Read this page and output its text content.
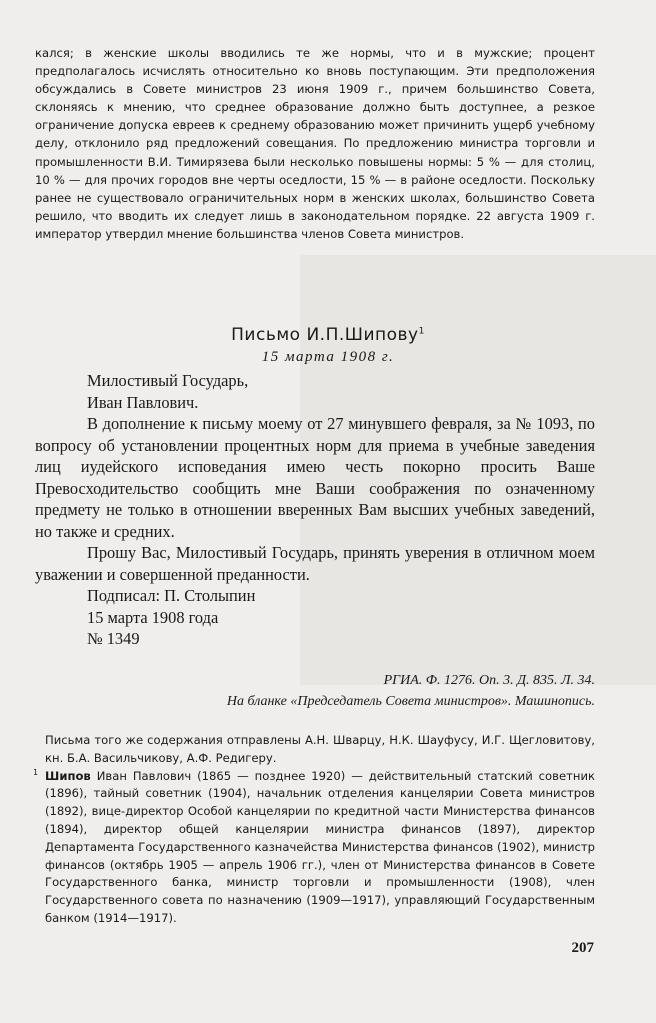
кался; в женские школы вводились те же нормы, что и в мужские; процент предполагалось исчислять относительно ко вновь поступающим. Эти предположения обсуждались в Совете министров 23 июня 1909 г., причем большинство Совета, склоняясь к мнению, что среднее образование должно быть доступнее, а резкое ограничение допуска евреев к среднему образованию может причинить ущерб учебному делу, отклонило ряд предложений совещания. По предложению министра торговли и промышленности В.И. Тимирязева были несколько повышены нормы: 5 % — для столиц, 10 % — для прочих городов вне черты оседлости, 15 % — в районе оседлости. Поскольку ранее не существовало ограничительных норм в женских школах, большинство Совета решило, что вводить их следует лишь в законодательном порядке. 22 августа 1909 г. император утвердил мнение большинства членов Совета министров.

Письмо И.П.Шипову$^1$
15 марта 1908 г.

Милостивый Государь,

Иван Павлович.

В дополнение к письму моему от 27 минувшего февраля, за № 1093, по вопросу об установлении процентных норм для приема в учебные заведения лиц иудейского исповедания имею честь покорно просить Ваше Превосходительство сообщить мне Ваши соображения по означенному предмету не только в отношении вверенных Вам высших учебных заведений, но также и средних.

Прошу Вас, Милостивый Государь, принять уверения в отличном моем уважении и совершенной преданности.

Подписал: П. Столыпин

15 марта 1908 года

№ 1349

РГИА. Ф. 1276. Оп. 3. Д. 835. Л. 34.

На бланке «Председатель Совета министров». Машинопись.

Письма того же содержания отправлены А.Н. Шварцу, Н.К. Шауфусу, И.Г. Щегловитову, кн. Б.А. Васильчикову, А.Ф. Редигеру.

1 Шипов Иван Павлович (1865 — позднее 1920) — действительный статский советник (1896), тайный советник (1904), начальник отделения канцелярии Совета министров (1892), вице-директор Особой канцелярии по кредитной части Министерства финансов (1894), директор общей канцелярии министра финансов (1897), директор Департамента Государственного казначейства Министерства финансов (1902), министр финансов (октябрь 1905 — апрель 1906 гг.), член от Министерства финансов в Совете Государственного банка, министр торговли и промышленности (1908), член Государственного совета по назначению (1909—1917), управляющий Государственным банком (1914—1917).

207
